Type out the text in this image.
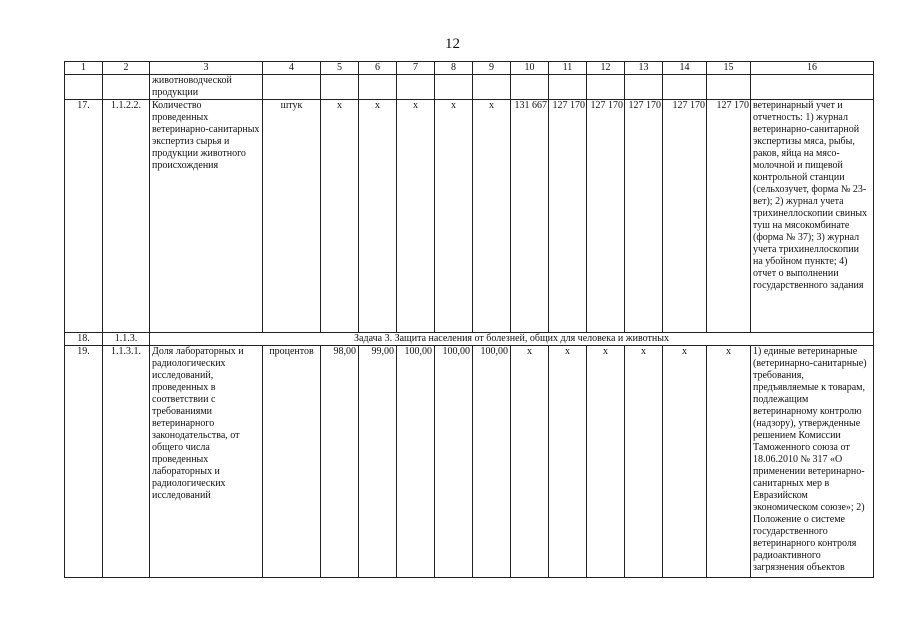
12
1	2	3	4	5	6	7	8	9	10	11	12	13	14	15	16
		животноводческой продукции													
17.	1.1.2.2.	Количество проведенных ветеринарно-санитарных экспертиз сырья и продукции животного происхождения	штук	x	x	x	x	x	131 667	127 170	127 170	127 170	127 170	127 170	ветеринарный учет и отчетность: 1) журнал ветеринарно-санитарной экспертизы мяса, рыбы, раков, яйца на мясо-молочной и пищевой контрольной станции (сельхозучет, форма № 23-вет); 2) журнал учета трихинеллоскопии свиных туш на мясокомбинате (форма № 37); 3) журнал учета трихинеллоскопии на убойном пункте; 4) отчет о выполнении государственного задания
18.	1.1.3.	Задача 3. Защита населения от болезней, общих для человека и животных													
19.	1.1.3.1.	Доля лабораторных и радиологических исследований, проведенных в соответствии с требованиями ветеринарного законодательства, от общего числа проведенных лабораторных и радиологических исследований	процентов	98,00	99,00	100,00	100,00	100,00	x	x	x	x	x	x	1) единые ветеринарные (ветеринарно-санитарные) требования, предъявляемые к товарам, подлежащим ветеринарному контролю (надзору), утвержденные решением Комиссии Таможенного союза от 18.06.2010 № 317 «О применении ветеринарно-санитарных мер в Евразийском экономическом союзе»; 2) Положение о системе государственного ветеринарного контроля радиоактивного загрязнения объектов
